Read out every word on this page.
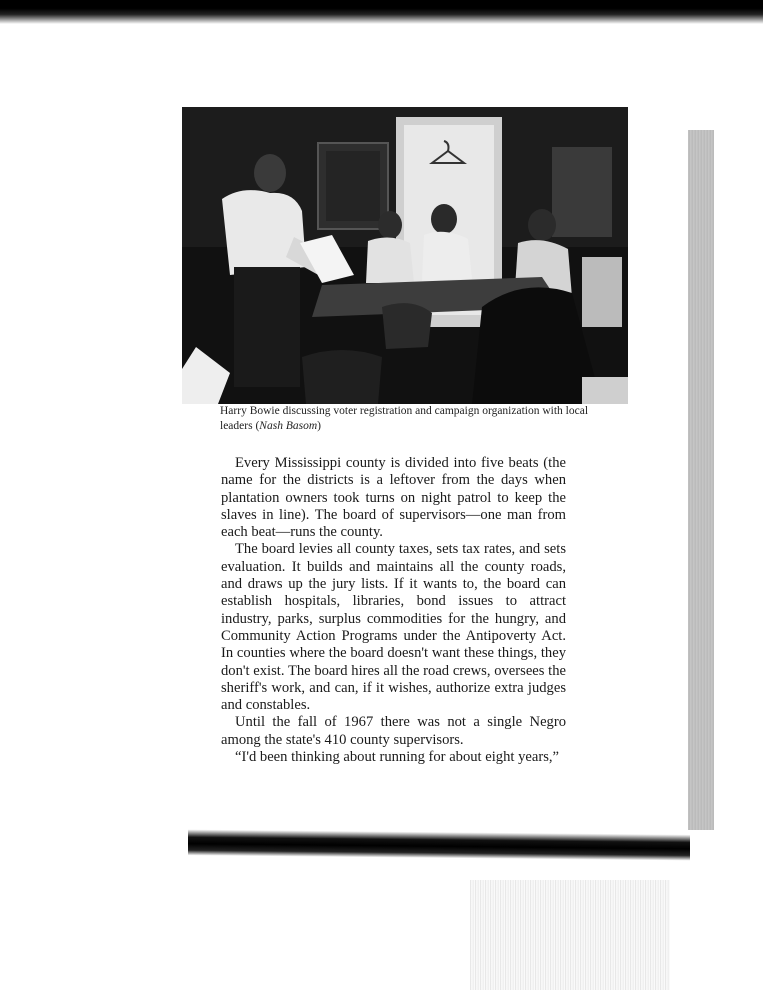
Harry Bowie discussing voter registration and campaign organization with local leaders (Nash Basom)

Every Mississippi county is divided into five beats (the name for the districts is a leftover from the days when plantation owners took turns on night patrol to keep the slaves in line). The board of supervisors—one man from each beat—runs the county.

The board levies all county taxes, sets tax rates, and sets evaluation. It builds and maintains all the county roads, and draws up the jury lists. If it wants to, the board can establish hospitals, libraries, bond issues to attract industry, parks, surplus commodities for the hungry, and Community Action Programs under the Antipoverty Act. In counties where the board doesn't want these things, they don't exist. The board hires all the road crews, oversees the sheriff's work, and can, if it wishes, authorize extra judges and constables.

Until the fall of 1967 there was not a single Negro among the state's 410 county supervisors.

“I'd been thinking about running for about eight years,”
